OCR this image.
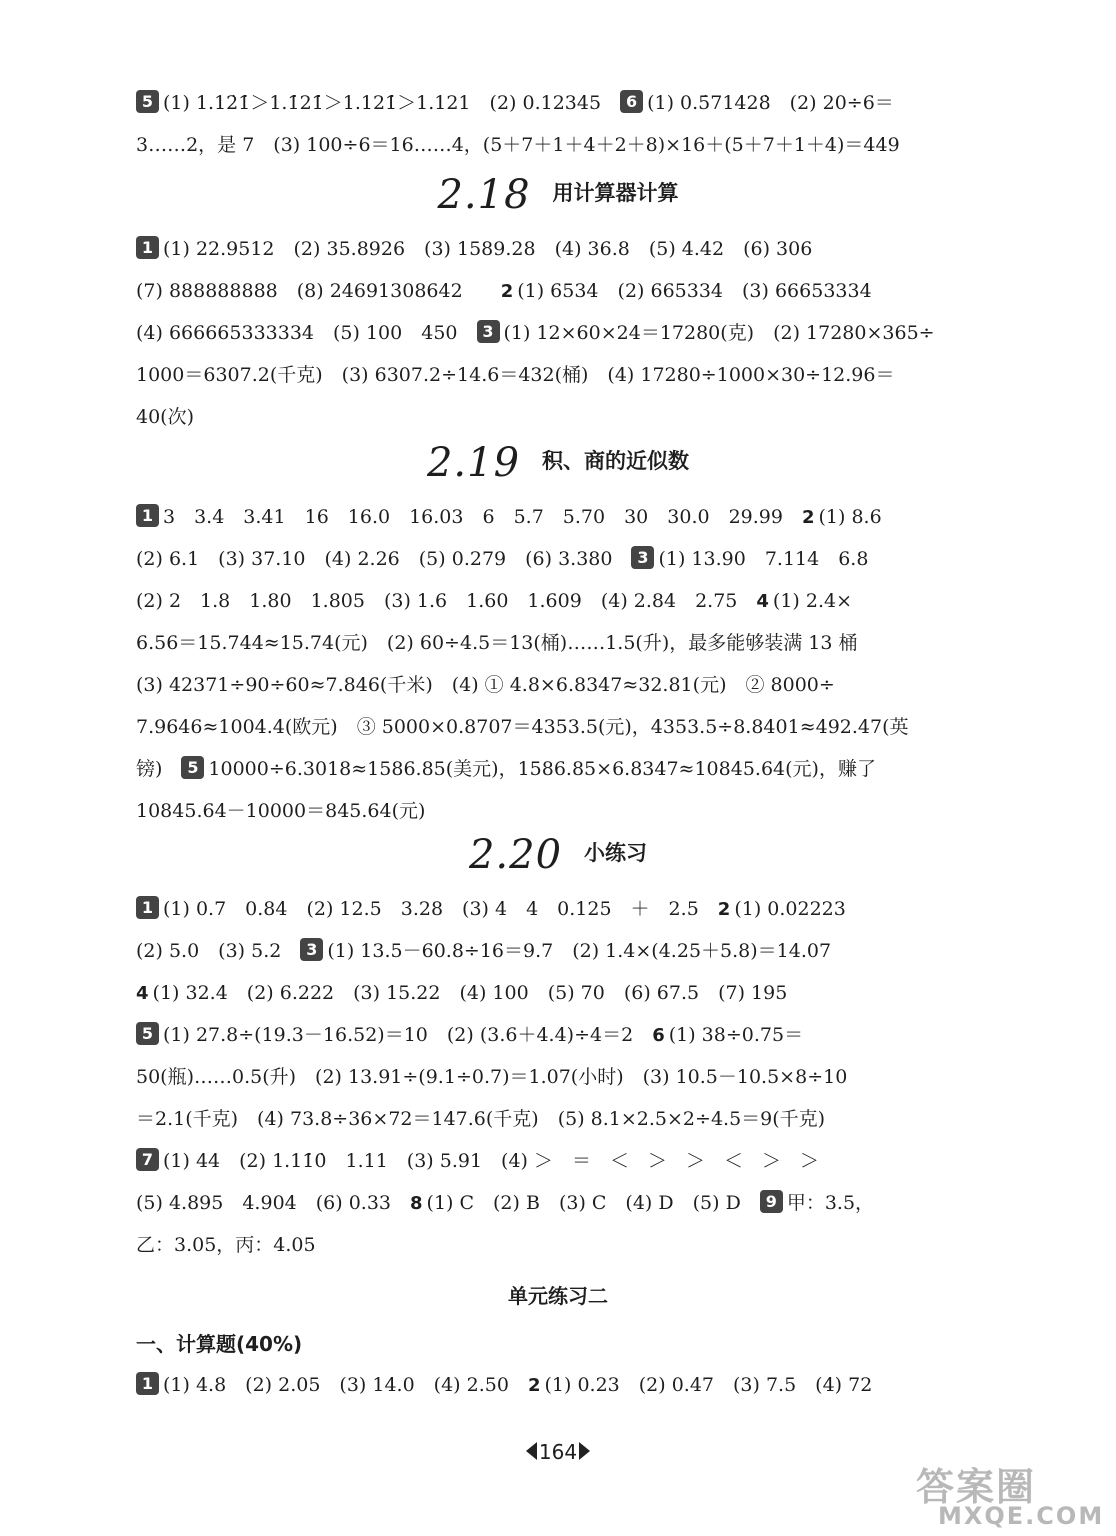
5 (1) 1.12̇1̇＞1.1̇21̇＞1.121̇＞1.121　(2) 0.1234̇5　6 (1) 0.5̇71428̇　(2) 20÷6＝
3……2，是 7　(3) 100÷6＝16……4，(5＋7＋1＋4＋2＋8)×16＋(5＋7＋1＋4)＝449
2.18 用计算器计算
1 (1) 22.9512　(2) 35.8926　(3) 1589.28　(4) 36.8　(5) 4.42　(6) 306
(7) 888888888　(8) 24691308642　　2 (1) 6534　(2) 665334　(3) 66653334
(4) 666665333334　(5) 100　450　3 (1) 12×60×24＝17280(克)　(2) 17280×365÷
1000＝6307.2(千克)　(3) 6307.2÷14.6＝432(桶)　(4) 17280÷1000×30÷12.96＝
40(次)
2.19 积、商的近似数
1 3　3.4　3.41　16　16.0　16.03　6　5.7　5.70　30　30.0　29.99　2 (1) 8.6
(2) 6.1　(3) 37.10　(4) 2.26　(5) 0.279　(6) 3.380　3 (1) 13.90　7.114　6.8
(2) 2　1.8　1.80　1.805　(3) 1.6　1.60　1.609　(4) 2.84　2.75　4 (1) 2.4×
6.56＝15.744≈15.74(元)　(2) 60÷4.5＝13(桶)……1.5(升)，最多能够装满 13 桶
(3) 42371÷90÷60≈7.846(千米)　(4) ① 4.8×6.8347≈32.81(元)　② 8000÷
7.9646≈1004.4(欧元)　③ 5000×0.8707＝4353.5(元)，4353.5÷8.8401≈492.47(英
镑)　5 10000÷6.3018≈1586.85(美元)，1586.85×6.8347≈10845.64(元)，赚了
10845.64－10000＝845.64(元)
2.20 小练习
1 (1) 0.7　0.84　(2) 12.5　3.28　(3) 4　4　0.125　＋　2.5　2 (1) 0.02223
(2) 5.0　(3) 5.2　3 (1) 13.5－60.8÷16＝9.7　(2) 1.4×(4.25＋5.8)＝14.07
4 (1) 32.4　(2) 6.222　(3) 15.22　(4) 100　(5) 70　(6) 67.5　(7) 195
5 (1) 27.8÷(19.3－16.52)＝10　(2) (3.6＋4.4)÷4＝2　6 (1) 38÷0.75＝
50(瓶)……0.5(升)　(2) 13.91÷(9.1÷0.7)＝1.07(小时)　(3) 10.5－10.5×8÷10
＝2.1(千克)　(4) 73.8÷36×72＝147.6(千克)　(5) 8.1×2.5×2÷4.5＝9(千克)
7 (1) 44　(2) 1.11̇0̇　1.11　(3) 5.91　(4) ＞　＝　＜　＞　＞　＜　＞　＞
(5) 4.895　4.904　(6) 0.33　8 (1) C　(2) B　(3) C　(4) D　(5) D　9 甲：3.5，
乙：3.05，丙：4.05
单元练习二
一、计算题(40%)
1 (1) 4.8　(2) 2.05　(3) 14.0　(4) 2.50　2 (1) 0.23　(2) 0.47　(3) 7.5　(4) 72
164
答案圈
MXQE.COM
